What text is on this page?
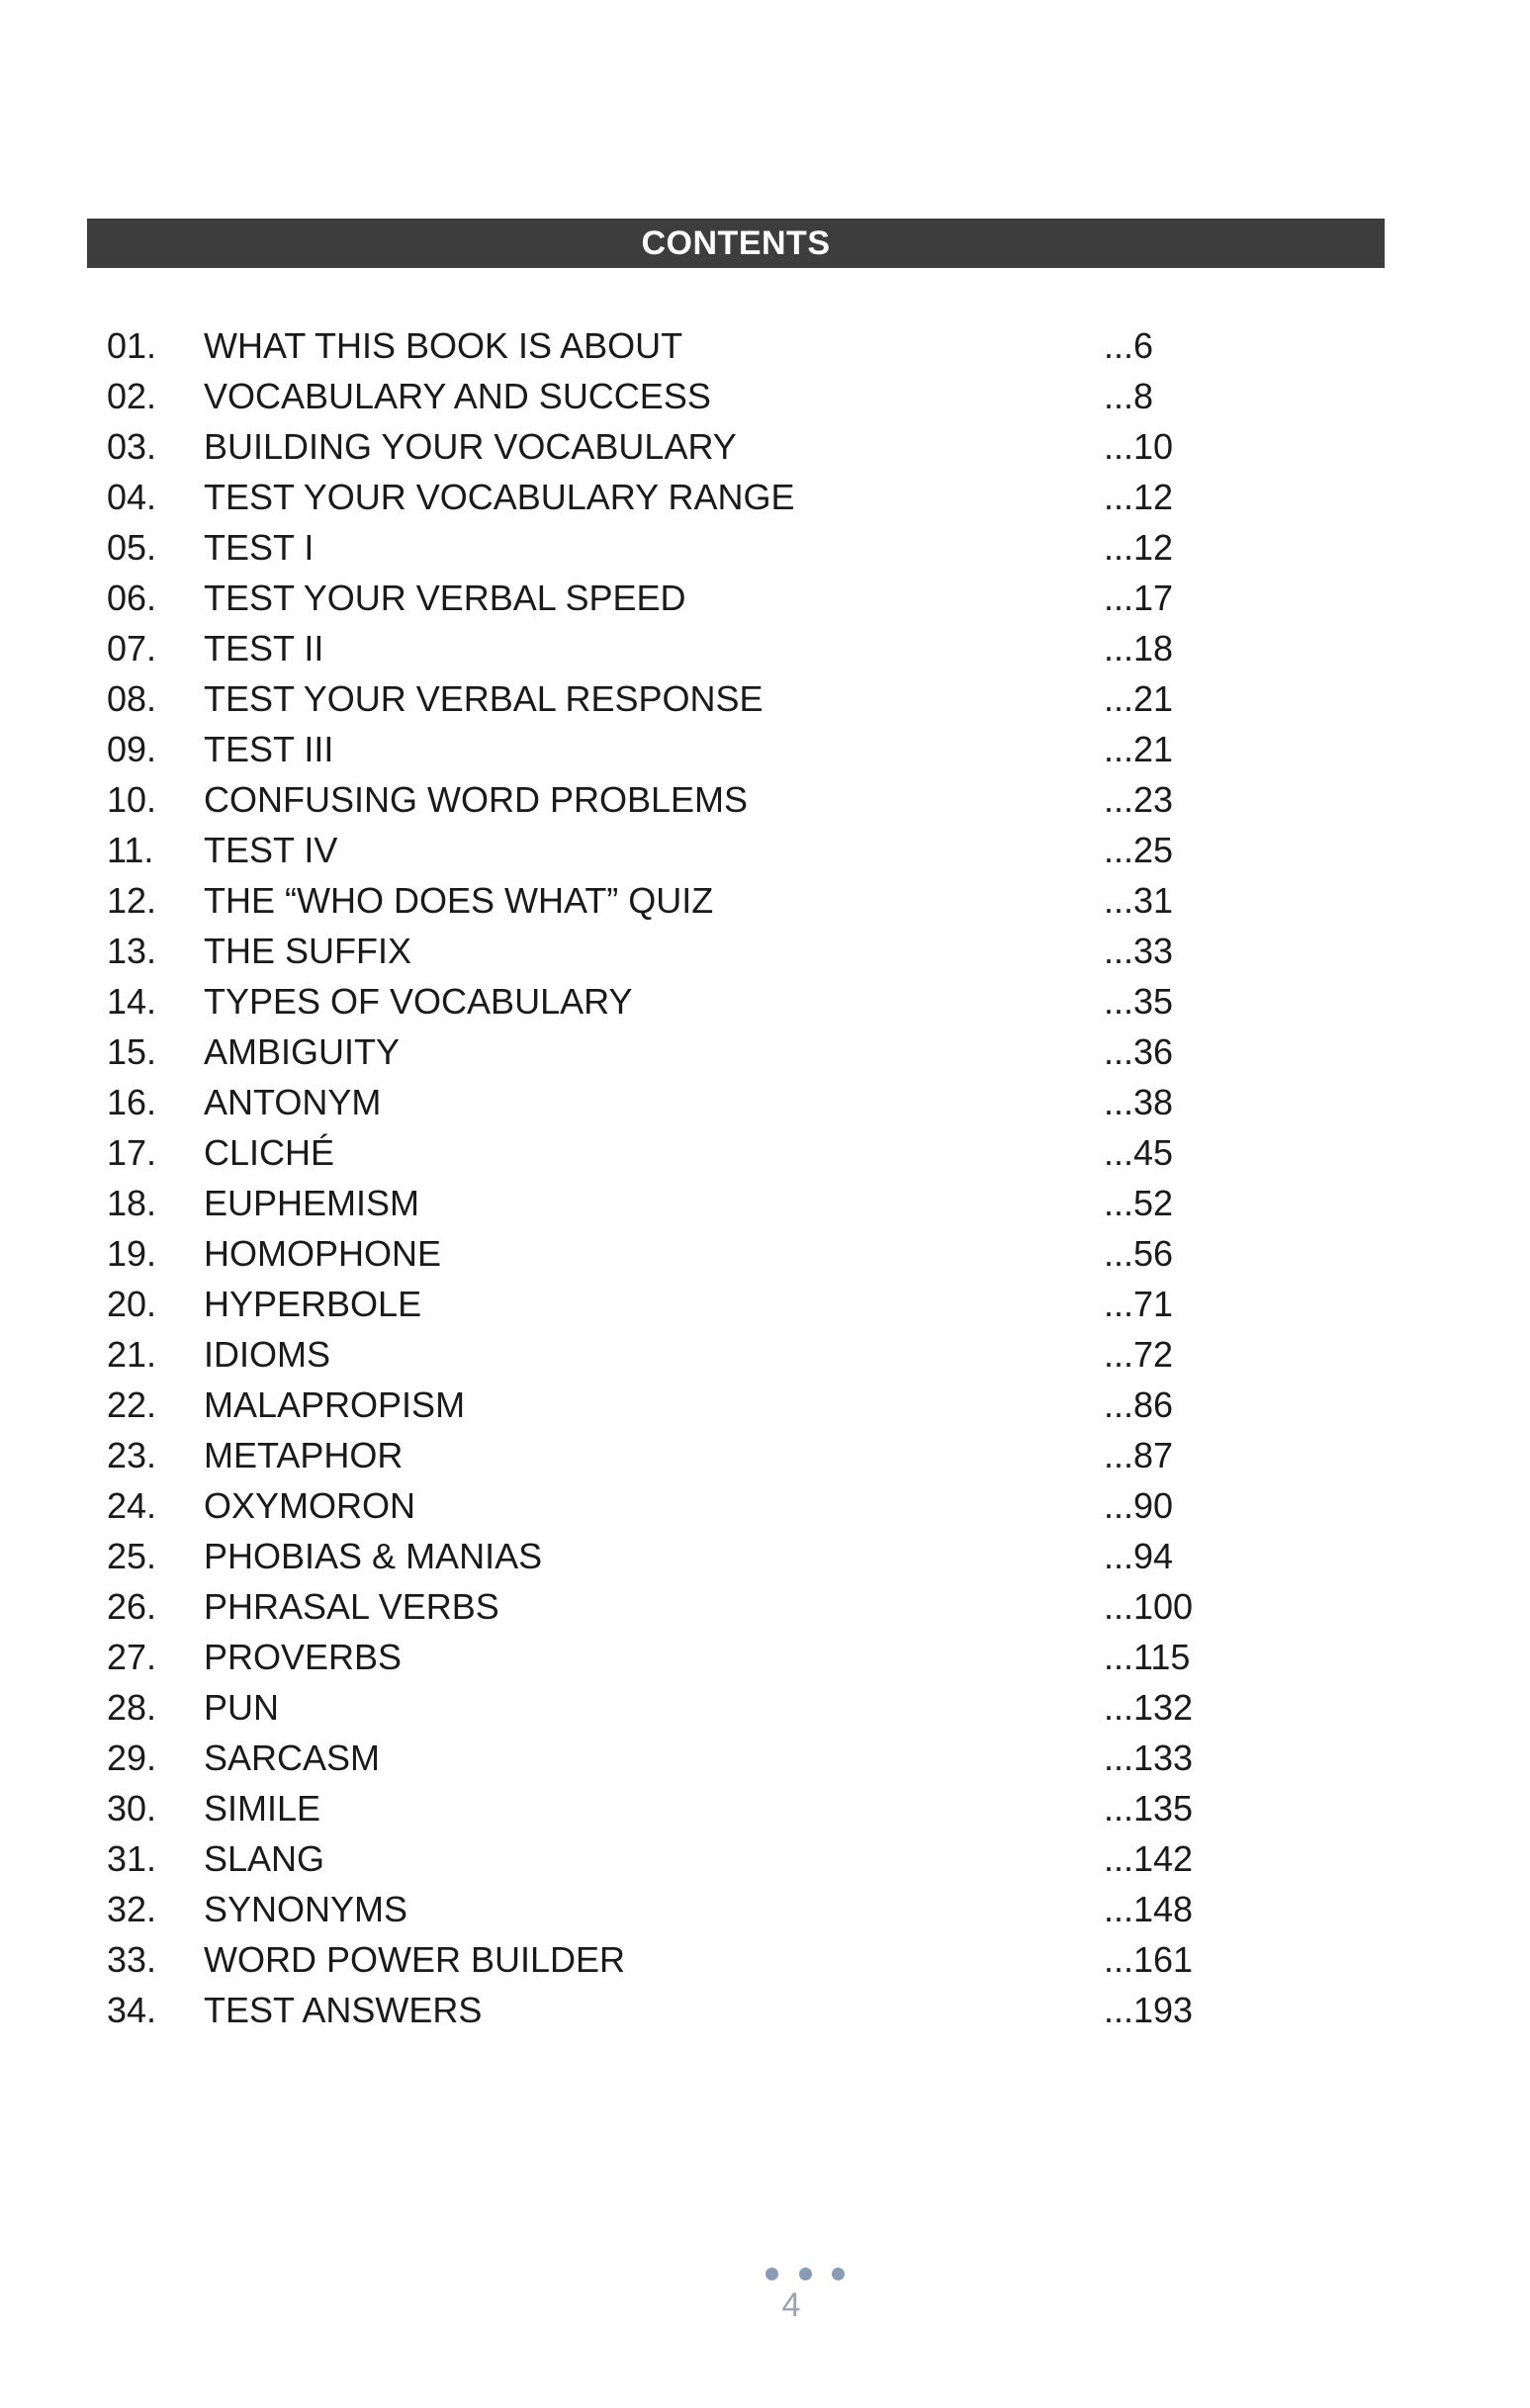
CONTENTS
01. WHAT THIS BOOK IS ABOUT	...6
02. VOCABULARY AND SUCCESS	...8
03. BUILDING YOUR VOCABULARY	...10
04. TEST YOUR VOCABULARY RANGE	...12
05. TEST I	...12
06. TEST YOUR VERBAL SPEED	...17
07. TEST II	...18
08. TEST YOUR VERBAL RESPONSE	...21
09. TEST III	...21
10. CONFUSING WORD PROBLEMS	...23
11. TEST IV	...25
12. THE “WHO DOES WHAT” QUIZ	...31
13. THE SUFFIX	...33
14. TYPES OF VOCABULARY	...35
15. AMBIGUITY	...36
16. ANTONYM	...38
17. CLICHÉ	...45
18. EUPHEMISM	...52
19. HOMOPHONE	...56
20. HYPERBOLE	...71
21. IDIOMS	...72
22. MALAPROPISM	...86
23. METAPHOR	...87
24. OXYMORON	...90
25. PHOBIAS & MANIAS	...94
26. PHRASAL VERBS	...100
27. PROVERBS	...115
28. PUN	...132
29. SARCASM	...133
30. SIMILE	...135
31. SLANG	...142
32. SYNONYMS	...148
33. WORD POWER BUILDER	...161
34. TEST ANSWERS	...193
4
